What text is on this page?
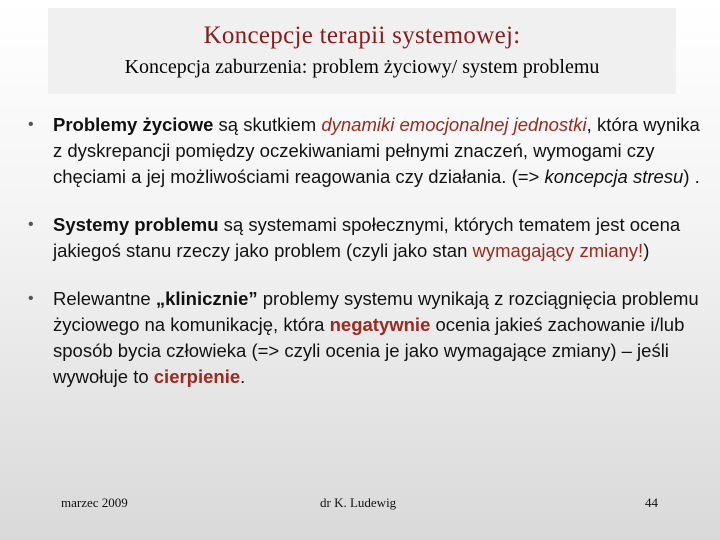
Koncepcje terapii systemowej:
Koncepcja zaburzenia: problem życiowy/ system problemu
• Problemy życiowe są skutkiem dynamiki emocjonalnej jednostki, która wynika z dyskrepancji pomiędzy oczekiwaniami pełnymi znaczeń, wymogami czy chęciami a jej możliwościami reagowania czy działania. (=> koncepcja stresu) .
• Systemy problemu są systemami społecznymi, których tematem jest ocena jakiegoś stanu rzeczy jako problem (czyli jako stan wymagający zmiany!)
• Relewantne „klinicznie” problemy systemu wynikają z rozciągnięcia problemu życiowego na komunikację, która negatywnie ocenia jakieś zachowanie i/lub sposób bycia człowieka (=> czyli ocenia je jako wymagające zmiany) – jeśli wywołuje to cierpienie.
marzec 2009	dr K. Ludewig	44
